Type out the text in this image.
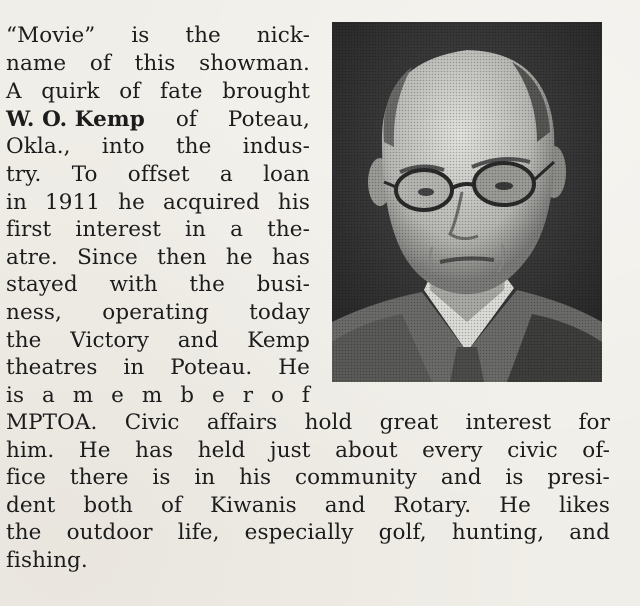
“Movie” is the nick-
name of this showman.
A quirk of fate brought
W. O. Kemp of Poteau,
Okla., into the indus-
try. To offset a loan
in 1911 he acquired his
first interest in a the-
atre. Since then he has
stayed with the busi-
ness, operating today
the Victory and Kemp
theatres in Poteau. He
is a m e m b e r o f
MPTOA. Civic affairs hold great interest for
him. He has held just about every civic of-
fice there is in his community and is presi-
dent both of Kiwanis and Rotary. He likes
the outdoor life, especially golf, hunting, and
fishing.
